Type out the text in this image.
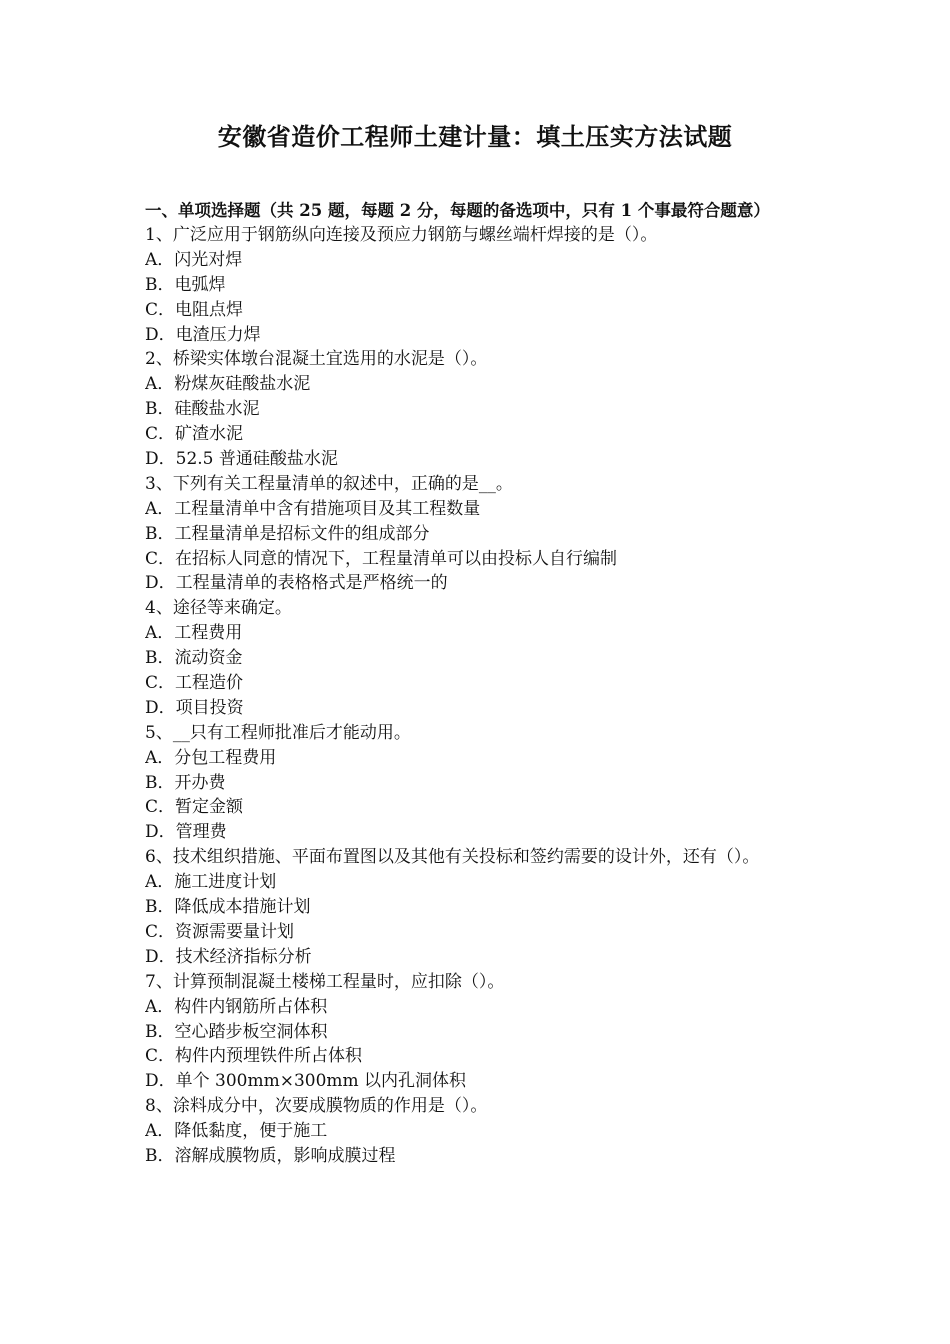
安徽省造价工程师土建计量：填土压实方法试题

一、单项选择题（共 25 题，每题 2 分，每题的备选项中，只有 1 个事最符合题意）

1、广泛应用于钢筋纵向连接及预应力钢筋与螺丝端杆焊接的是（）。
A．闪光对焊
B．电弧焊
C．电阻点焊
D．电渣压力焊
2、桥梁实体墩台混凝土宜选用的水泥是（）。
A．粉煤灰硅酸盐水泥
B．硅酸盐水泥
C．矿渣水泥
D．52.5 普通硅酸盐水泥
3、下列有关工程量清单的叙述中，正确的是__。
A．工程量清单中含有措施项目及其工程数量
B．工程量清单是招标文件的组成部分
C．在招标人同意的情况下，工程量清单可以由投标人自行编制
D．工程量清单的表格格式是严格统一的
4、途径等来确定。
A．工程费用
B．流动资金
C．工程造价
D．项目投资
5、__只有工程师批准后才能动用。
A．分包工程费用
B．开办费
C．暂定金额
D．管理费
6、技术组织措施、平面布置图以及其他有关投标和签约需要的设计外，还有（）。
A．施工进度计划
B．降低成本措施计划
C．资源需要量计划
D．技术经济指标分析
7、计算预制混凝土楼梯工程量时，应扣除（）。
A．构件内钢筋所占体积
B．空心踏步板空洞体积
C．构件内预埋铁件所占体积
D．单个 300mm×300mm 以内孔洞体积
8、涂料成分中，次要成膜物质的作用是（）。
A．降低黏度，便于施工
B．溶解成膜物质，影响成膜过程
